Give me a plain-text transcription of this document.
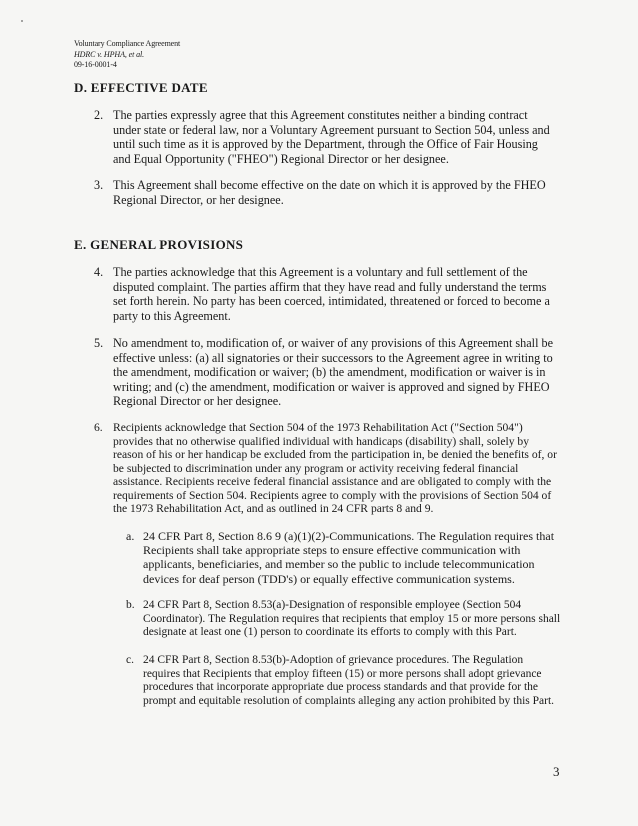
Voluntary Compliance Agreement
HDRC v. HPHA, et al.
09-16-0001-4
D. EFFECTIVE DATE
2. The parties expressly agree that this Agreement constitutes neither a binding contract under state or federal law, nor a Voluntary Agreement pursuant to Section 504, unless and until such time as it is approved by the Department, through the Office of Fair Housing and Equal Opportunity ("FHEO") Regional Director or her designee.
3. This Agreement shall become effective on the date on which it is approved by the FHEO Regional Director, or her designee.
E. GENERAL PROVISIONS
4. The parties acknowledge that this Agreement is a voluntary and full settlement of the disputed complaint. The parties affirm that they have read and fully understand the terms set forth herein. No party has been coerced, intimidated, threatened or forced to become a party to this Agreement.
5. No amendment to, modification of, or waiver of any provisions of this Agreement shall be effective unless: (a) all signatories or their successors to the Agreement agree in writing to the amendment, modification or waiver; (b) the amendment, modification or waiver is in writing; and (c) the amendment, modification or waiver is approved and signed by FHEO Regional Director or her designee.
6. Recipients acknowledge that Section 504 of the 1973 Rehabilitation Act ("Section 504") provides that no otherwise qualified individual with handicaps (disability) shall, solely by reason of his or her handicap be excluded from the participation in, be denied the benefits of, or be subjected to discrimination under any program or activity receiving federal financial assistance. Recipients receive federal financial assistance and are obligated to comply with the requirements of Section 504. Recipients agree to comply with the provisions of Section 504 of the 1973 Rehabilitation Act, and as outlined in 24 CFR parts 8 and 9.
a. 24 CFR Part 8, Section 8.6 9 (a)(1)(2)-Communications. The Regulation requires that Recipients shall take appropriate steps to ensure effective communication with applicants, beneficiaries, and member so the public to include telecommunication devices for deaf person (TDD's) or equally effective communication systems.
b. 24 CFR Part 8, Section 8.53(a)-Designation of responsible employee (Section 504 Coordinator). The Regulation requires that recipients that employ 15 or more persons shall designate at least one (1) person to coordinate its efforts to comply with this Part.
c. 24 CFR Part 8, Section 8.53(b)-Adoption of grievance procedures. The Regulation requires that Recipients that employ fifteen (15) or more persons shall adopt grievance procedures that incorporate appropriate due process standards and that provide for the prompt and equitable resolution of complaints alleging any action prohibited by this Part.
3
